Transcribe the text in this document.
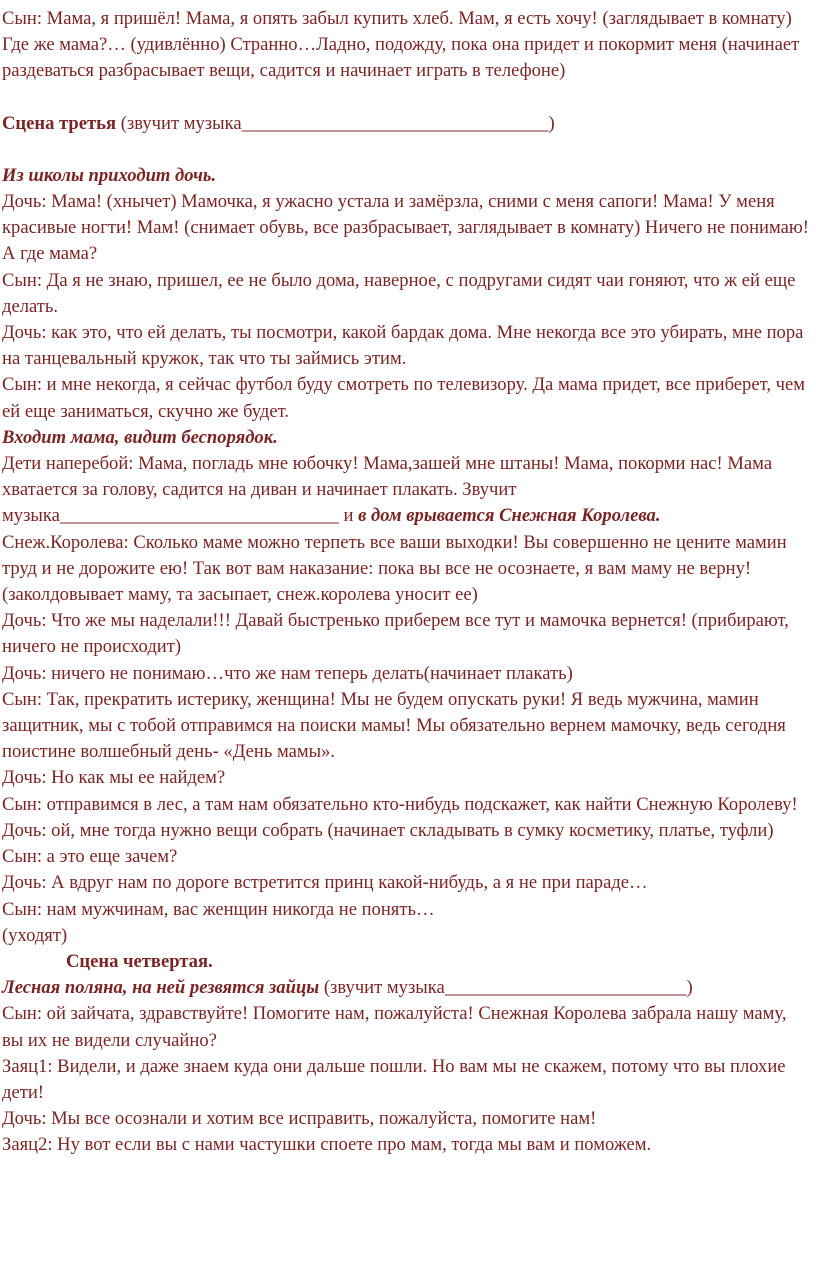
Сын: Мама, я пришёл! Мама, я опять забыл купить хлеб. Мам, я есть хочу! (заглядывает в комнату) Где же мама?… (удивлённо) Странно…Ладно, подожду, пока она придет и покормит меня (начинает раздеваться разбрасывает вещи, садится и начинает играть в телефоне)

Сцена третья (звучит музыка_________________________________)

Из школы приходит дочь.

Дочь: Мама! (хнычет) Мамочка, я ужасно устала и замёрзла, сними с меня сапоги! Мама! У меня красивые ногти! Мам! (снимает обувь, все разбрасывает, заглядывает в комнату) Ничего не понимаю! А где мама?

Сын: Да я не знаю, пришел, ее не было дома, наверное, с подругами сидят чаи гоняют, что ж ей еще делать.

Дочь: как это, что ей делать, ты посмотри, какой бардак дома. Мне некогда все это убирать, мне пора на танцевальный кружок, так что ты займись этим.

Сын: и мне некогда, я сейчас футбол буду смотреть по телевизору. Да мама придет, все приберет, чем ей еще заниматься, скучно же будет.

Входит мама, видит беспорядок.

Дети наперебой: Мама, погладь мне юбочку! Мама,зашей мне штаны! Мама, покорми нас! Мама хватается за голову, садится на диван и начинает плакать. Звучит музыка______________________________ и в дом врывается Снежная Королева.

Снеж.Королева: Сколько маме можно терпеть все ваши выходки! Вы совершенно не цените мамин труд и не дорожите ею! Так вот вам наказание: пока вы все не осознаете, я вам маму не верну! (заколдовывает маму, та засыпает, снеж.королева уносит ее)

Дочь: Что же мы наделали!!! Давай быстренько приберем все тут и мамочка вернется! (прибирают, ничего не происходит)

Дочь: ничего не понимаю…что же нам теперь делать(начинает плакать)

Сын: Так, прекратить истерику, женщина! Мы не будем опускать руки! Я ведь мужчина, мамин защитник, мы с тобой отправимся на поиски мамы! Мы обязательно вернем мамочку, ведь сегодня поистине волшебный день- «День мамы».

Дочь: Но как мы ее найдем?

Сын: отправимся в лес, а там нам обязательно кто-нибудь подскажет, как найти Снежную Королеву!

Дочь: ой, мне тогда нужно вещи собрать (начинает складывать в сумку косметику, платье, туфли)

Сын: а это еще зачем?

Дочь: А вдруг нам по дороге встретится принц какой-нибудь, а я не при параде…

Сын: нам мужчинам, вас женщин никогда не понять…

(уходят)

Сцена четвертая.

Лесная поляна, на ней резвятся зайцы (звучит музыка__________________________)

Сын: ой зайчата, здравствуйте! Помогите нам, пожалуйста! Снежная Королева забрала нашу маму, вы их не видели случайно?

Заяц1: Видели, и даже знаем куда они дальше пошли. Но вам мы не скажем, потому что вы плохие дети!

Дочь: Мы все осознали и хотим все исправить, пожалуйста, помогите нам!

Заяц2: Ну вот если вы с нами частушки споете про мам, тогда мы вам и поможем.
